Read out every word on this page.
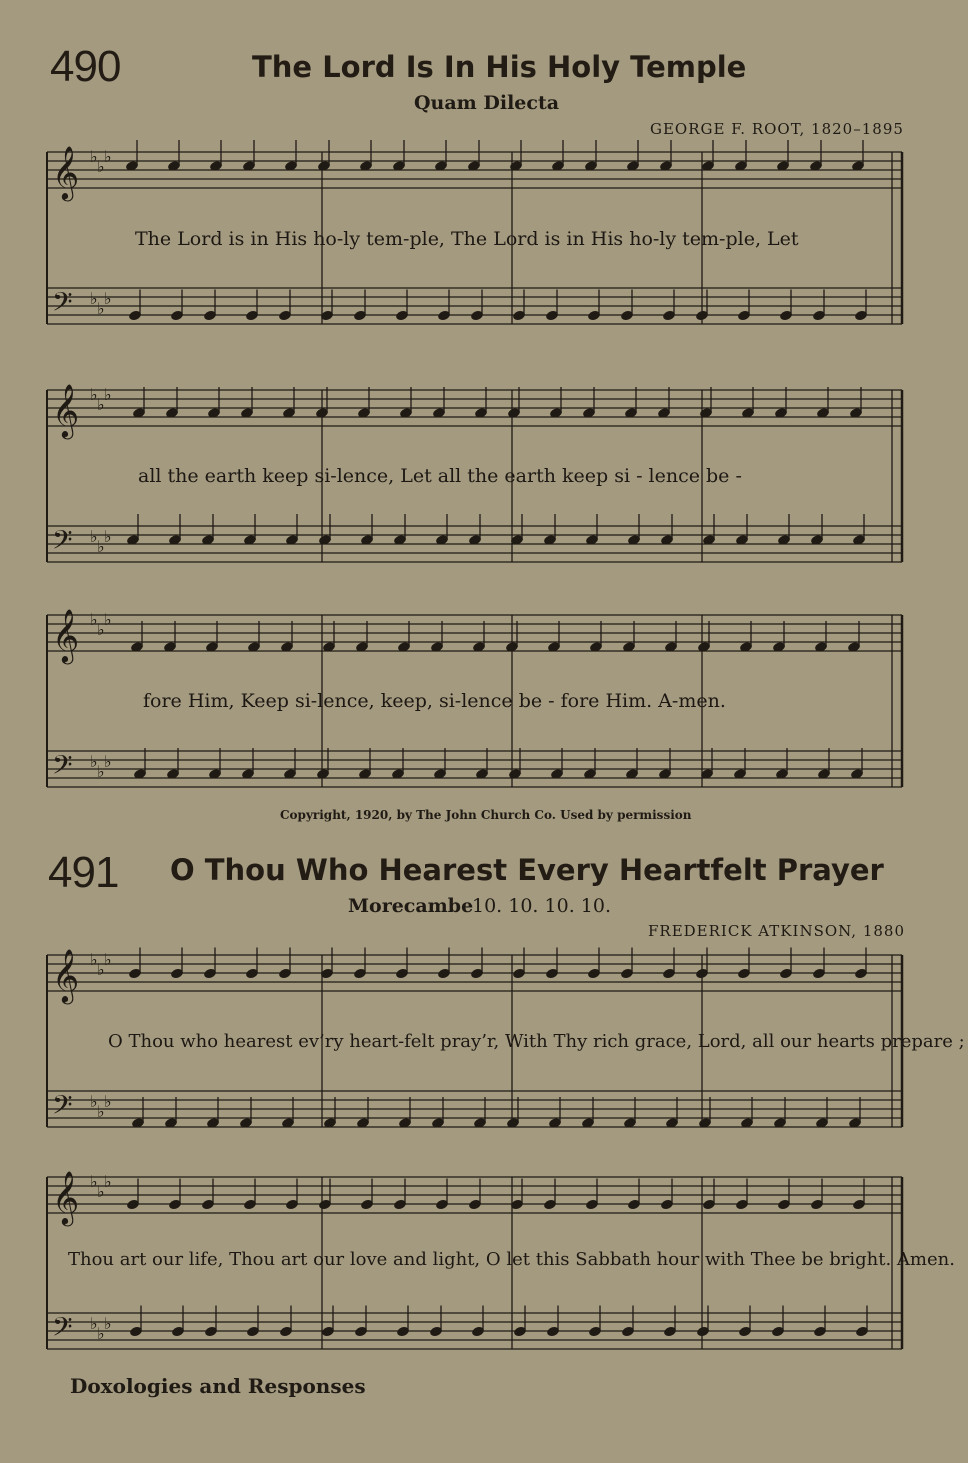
490	The Lord Is In His Holy Temple
Quam Dilecta
GEORGE F. ROOT, 1820–1895
𝄞 ♭
♭
♭
𝄢 ♭
♭
♭
The Lord is in His ho-ly tem-ple, The Lord is in His ho-ly tem-ple, Let
𝄞 ♭
♭
♭
𝄢 ♭
♭
♭
all the earth keep si-lence, Let all the earth keep si - lence be -
𝄞 ♭
♭
♭
𝄢 ♭
♭
♭
fore Him, Keep si-lence, keep, si-lence be - fore Him. A-men.
Copyright, 1920, by The John Church Co. Used by permission
491 O Thou Who Hearest Every Heartfelt Prayer
Morecambe
10. 10. 10. 10.
FREDERICK ATKINSON, 1880
𝄞 ♭
♭
♭
𝄢 ♭
♭
♭
O Thou who hearest ev’ry heart-felt pray’r, With Thy rich grace, Lord, all our hearts prepare ;
𝄞 ♭
♭
♭
𝄢 ♭
♭
♭
Thou art our life, Thou art our love and light, O let this Sabbath hour with Thee be bright. Amen.
Doxologies and Responses
